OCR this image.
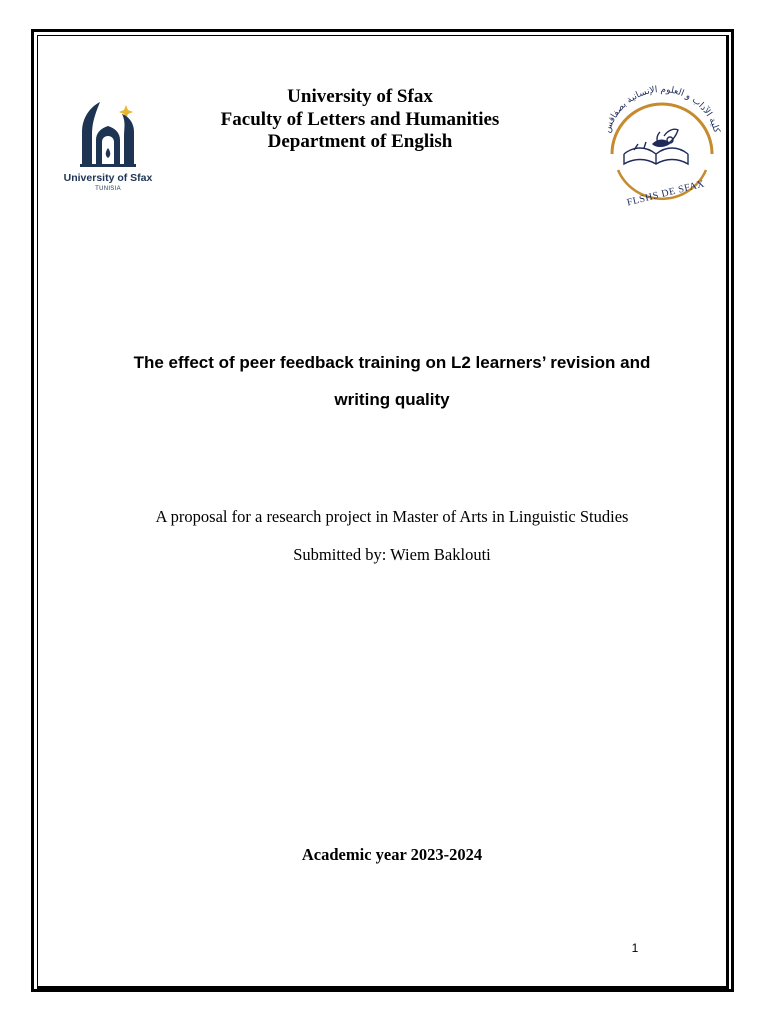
University of Sfax
TUNISIA
University of Sfax
Faculty of Letters and Humanities
Department of English
كلية الآداب و العلوم الإنسانية بصفاقس
FLSHS DE SFAX
The effect of peer feedback training on L2 learners’ revision and
writing quality
A proposal for a research project in Master of Arts in Linguistic Studies
Submitted by: Wiem Baklouti
Academic year 2023-2024
1
